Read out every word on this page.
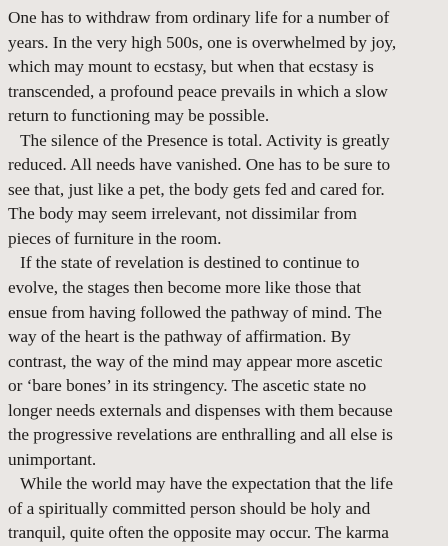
One has to withdraw from ordinary life for a number of
years. In the very high 500s, one is overwhelmed by joy,
which may mount to ecstasy, but when that ecstasy is
transcended, a profound peace prevails in which a slow
return to functioning may be possible.
The silence of the Presence is total. Activity is greatly
reduced. All needs have vanished. One has to be sure to
see that, just like a pet, the body gets fed and cared for.
The body may seem irrelevant, not dissimilar from
pieces of furniture in the room.
If the state of revelation is destined to continue to
evolve, the stages then become more like those that
ensue from having followed the pathway of mind. The
way of the heart is the pathway of affirmation. By
contrast, the way of the mind may appear more ascetic
or ‘bare bones’ in its stringency. The ascetic state no
longer needs externals and dispenses with them because
the progressive revelations are enthralling and all else is
unimportant.
While the world may have the expectation that the life
of a spiritually committed person should be holy and
tranquil, quite often the opposite may occur. The karma
